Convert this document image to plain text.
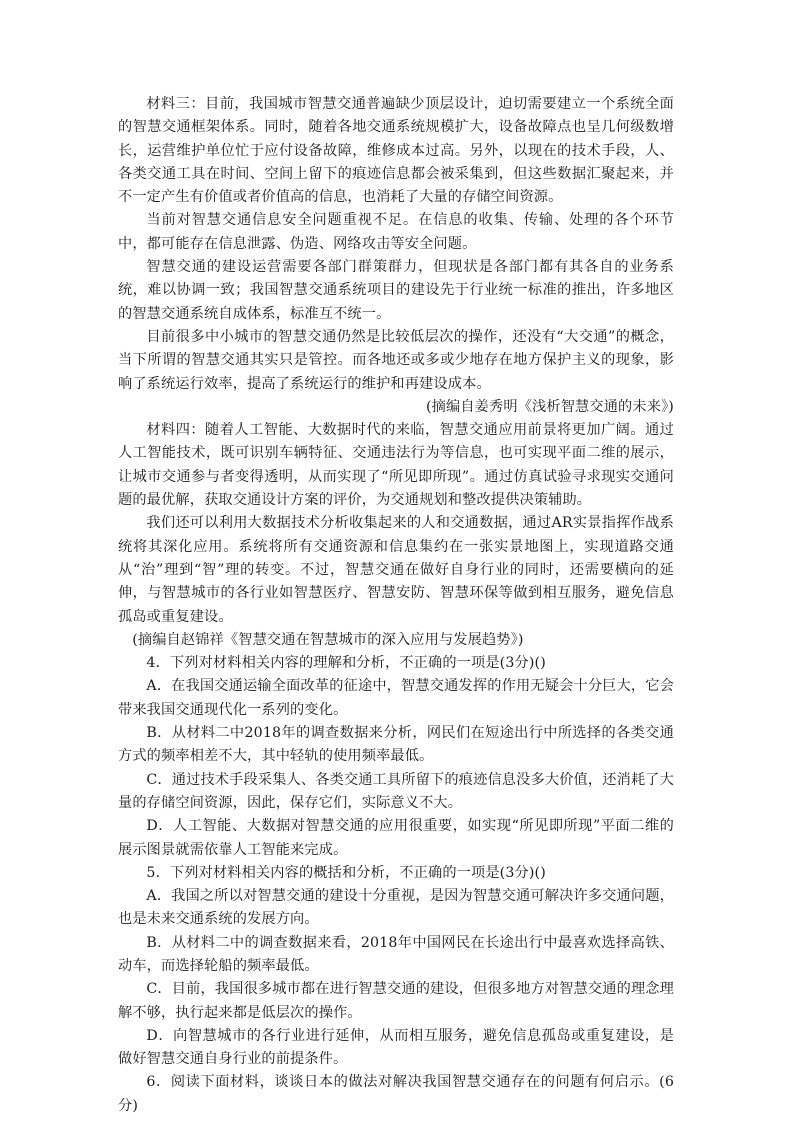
材料三：目前，我国城市智慧交通普遍缺少顶层设计，迫切需要建立一个系统全面的智慧交通框架体系。同时，随着各地交通系统规模扩大，设备故障点也呈几何级数增长，运营维护单位忙于应付设备故障，维修成本过高。另外，以现在的技术手段，人、各类交通工具在时间、空间上留下的痕迹信息都会被采集到，但这些数据汇聚起来，并不一定产生有价值或者价值高的信息，也消耗了大量的存储空间资源。

当前对智慧交通信息安全问题重视不足。在信息的收集、传输、处理的各个环节中，都可能存在信息泄露、伪造、网络攻击等安全问题。

智慧交通的建设运营需要各部门群策群力，但现状是各部门都有其各自的业务系统，难以协调一致；我国智慧交通系统项目的建设先于行业统一标准的推出，许多地区的智慧交通系统自成体系，标准互不统一。

目前很多中小城市的智慧交通仍然是比较低层次的操作，还没有“大交通”的概念，当下所谓的智慧交通其实只是管控。而各地还或多或少地存在地方保护主义的现象，影响了系统运行效率，提高了系统运行的维护和再建设成本。

(摘编自姜秀明《浅析智慧交通的未来》)

材料四：随着人工智能、大数据时代的来临，智慧交通应用前景将更加广阔。通过人工智能技术，既可识别车辆特征、交通违法行为等信息，也可实现平面二维的展示，让城市交通参与者变得透明，从而实现了“所见即所现”。通过仿真试验寻求现实交通问题的最优解，获取交通设计方案的评价，为交通规划和整改提供决策辅助。

我们还可以利用大数据技术分析收集起来的人和交通数据，通过AR实景指挥作战系统将其深化应用。系统将所有交通资源和信息集约在一张实景地图上，实现道路交通从“治”理到“智”理的转变。不过，智慧交通在做好自身行业的同时，还需要横向的延伸，与智慧城市的各行业如智慧医疗、智慧安防、智慧环保等做到相互服务，避免信息孤岛或重复建设。

(摘编自赵锦祥《智慧交通在智慧城市的深入应用与发展趋势》)

4．下列对材料相关内容的理解和分析，不正确的一项是(3分)()

A．在我国交通运输全面改革的征途中，智慧交通发挥的作用无疑会十分巨大，它会带来我国交通现代化一系列的变化。

B．从材料二中2018年的调查数据来分析，网民们在短途出行中所选择的各类交通方式的频率相差不大，其中轻轨的使用频率最低。

C．通过技术手段采集人、各类交通工具所留下的痕迹信息没多大价值，还消耗了大量的存储空间资源，因此，保存它们，实际意义不大。

D．人工智能、大数据对智慧交通的应用很重要，如实现“所见即所现”平面二维的展示图景就需依靠人工智能来完成。

5．下列对材料相关内容的概括和分析，不正确的一项是(3分)()

A．我国之所以对智慧交通的建设十分重视，是因为智慧交通可解决许多交通问题，也是未来交通系统的发展方向。

B．从材料二中的调查数据来看，2018年中国网民在长途出行中最喜欢选择高铁、动车，而选择轮船的频率最低。

C．目前，我国很多城市都在进行智慧交通的建设，但很多地方对智慧交通的理念理解不够，执行起来都是低层次的操作。

D．向智慧城市的各行业进行延伸，从而相互服务，避免信息孤岛或重复建设，是做好智慧交通自身行业的前提条件。

6．阅读下面材料，谈谈日本的做法对解决我国智慧交通存在的问题有何启示。(6分)
